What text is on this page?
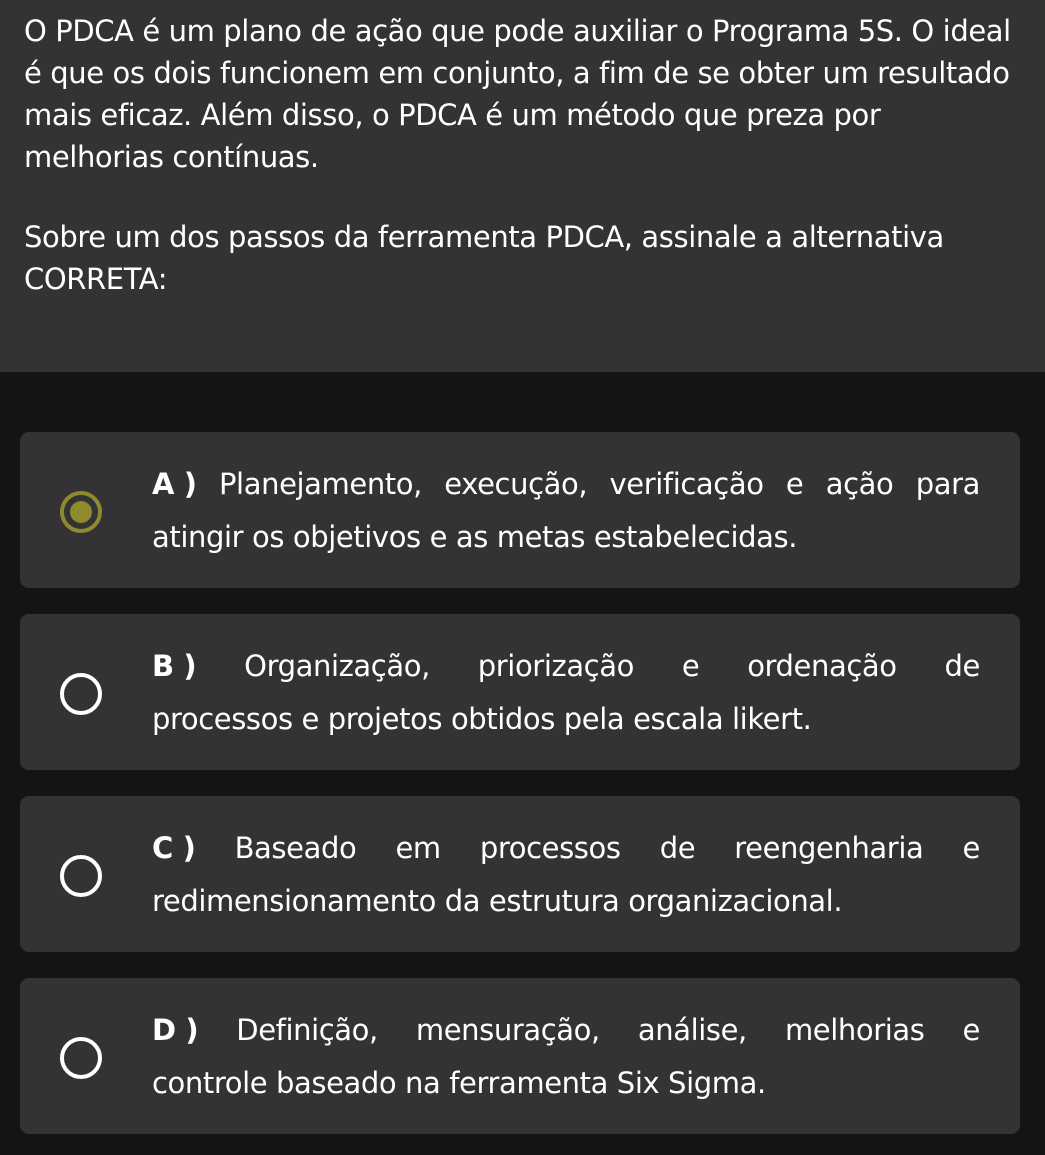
O PDCA é um plano de ação que pode auxiliar o Programa 5S. O ideal é que os dois funcionem em conjunto, a fim de se obter um resultado mais eficaz. Além disso, o PDCA é um método que preza por melhorias contínuas.

Sobre um dos passos da ferramenta PDCA, assinale a alternativa CORRETA:

A ) Planejamento, execução, verificação e ação para
atingir os objetivos e as metas estabelecidas.
B ) Organização, priorização e ordenação de
processos e projetos obtidos pela escala likert.
C ) Baseado em processos de reengenharia e
redimensionamento da estrutura organizacional.
D ) Definição, mensuração, análise, melhorias e
controle baseado na ferramenta Six Sigma.
